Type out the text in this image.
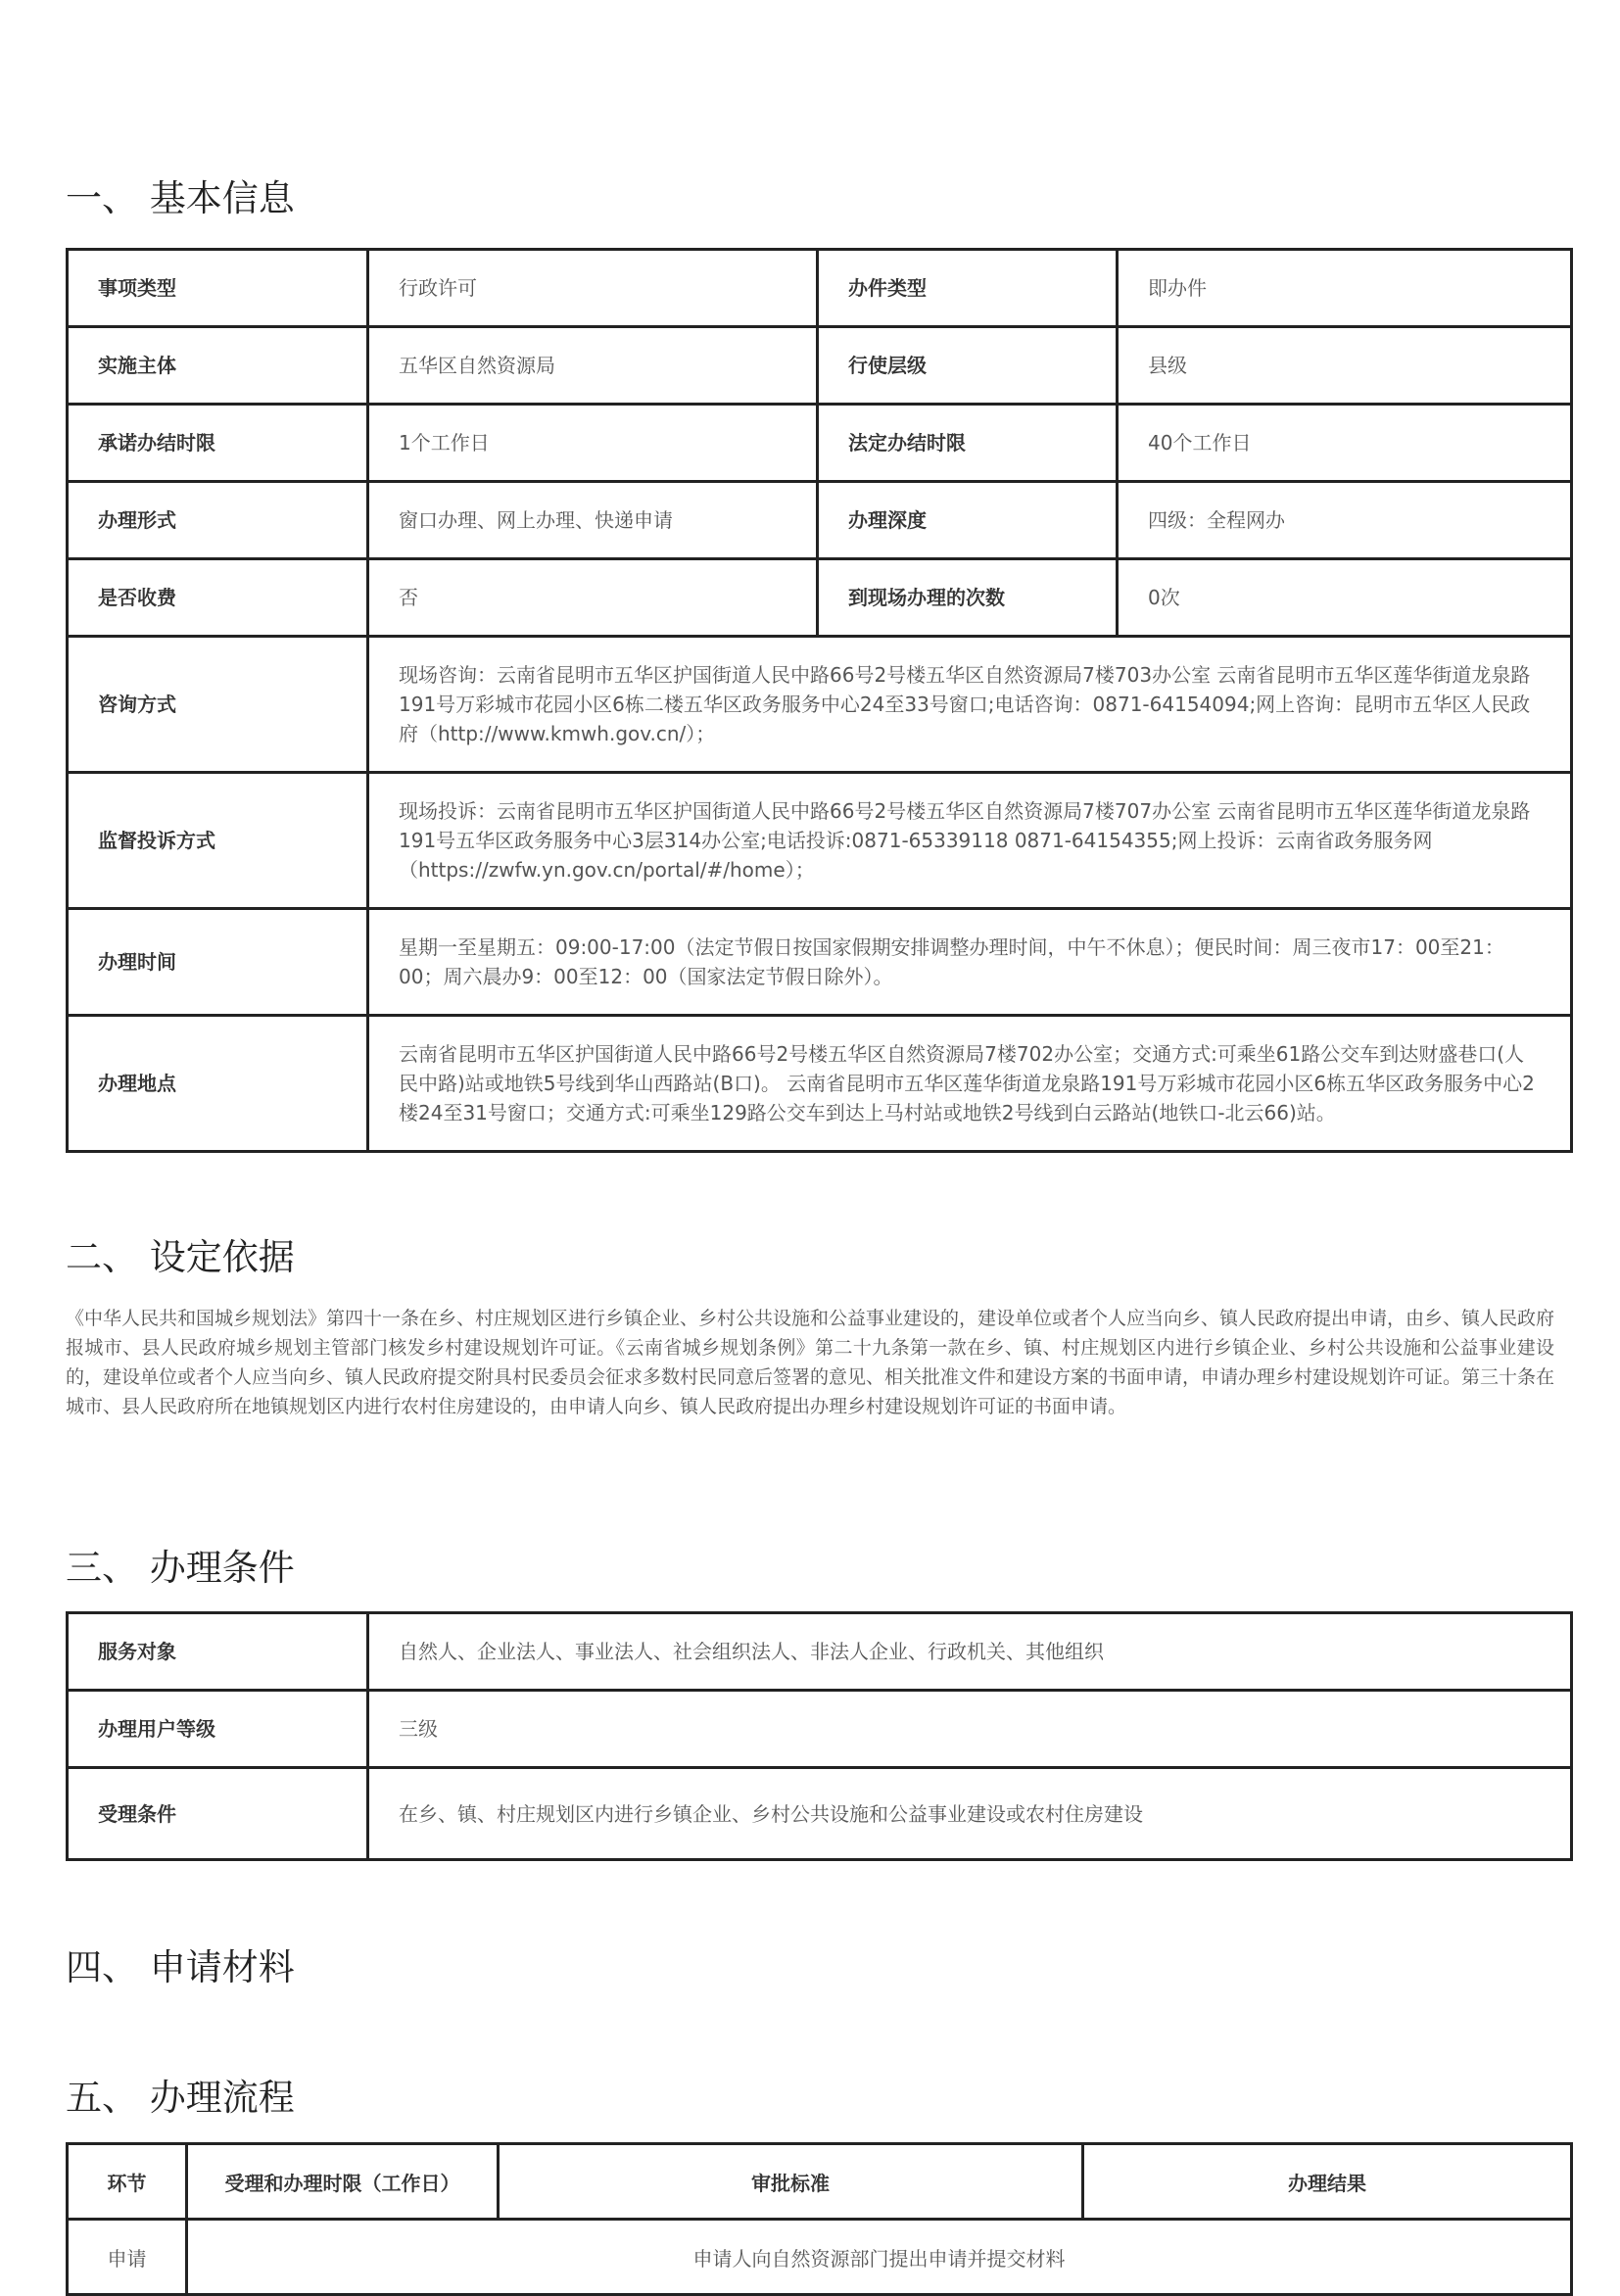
一、 基本信息
事项类型	行政许可	办件类型	即办件
实施主体	五华区自然资源局	行使层级	县级
承诺办结时限	1个工作日	法定办结时限	40个工作日
办理形式	窗口办理、网上办理、快递申请	办理深度	四级：全程网办
是否收费	否	到现场办理的次数	0次
咨询方式	现场咨询：云南省昆明市五华区护国街道人民中路66号2号楼五华区自然资源局7楼703办公室 云南省昆明市五华区莲华街道龙泉路191号万彩城市花园小区6栋二楼五华区政务服务中心24至33号窗口;电话咨询：0871-64154094;网上咨询：昆明市五华区人民政府（http://www.kmwh.gov.cn/）；		
监督投诉方式	现场投诉：云南省昆明市五华区护国街道人民中路66号2号楼五华区自然资源局7楼707办公室 云南省昆明市五华区莲华街道龙泉路191号五华区政务服务中心3层314办公室;电话投诉:0871-65339118 0871-64154355;网上投诉：云南省政务服务网（https://zwfw.yn.gov.cn/portal/#/home）；		
办理时间	星期一至星期五：09:00-17:00（法定节假日按国家假期安排调整办理时间，中午不休息）；便民时间：周三夜市17：00至21：00；周六晨办9：00至12：00（国家法定节假日除外）。		
办理地点	云南省昆明市五华区护国街道人民中路66号2号楼五华区自然资源局7楼702办公室；交通方式:可乘坐61路公交车到达财盛巷口(人民中路)站或地铁5号线到华山西路站(B口)。 云南省昆明市五华区莲华街道龙泉路191号万彩城市花园小区6栋五华区政务服务中心2楼24至31号窗口；交通方式:可乘坐129路公交车到达上马村站或地铁2号线到白云路站(地铁口-北云66)站。		
二、 设定依据
《中华人民共和国城乡规划法》第四十一条在乡、村庄规划区进行乡镇企业、乡村公共设施和公益事业建设的，建设单位或者个人应当向乡、镇人民政府提出申请，由乡、镇人民政府报城市、县人民政府城乡规划主管部门核发乡村建设规划许可证。《云南省城乡规划条例》第二十九条第一款在乡、镇、村庄规划区内进行乡镇企业、乡村公共设施和公益事业建设的，建设单位或者个人应当向乡、镇人民政府提交附具村民委员会征求多数村民同意后签署的意见、相关批准文件和建设方案的书面申请，申请办理乡村建设规划许可证。第三十条在城市、县人民政府所在地镇规划区内进行农村住房建设的，由申请人向乡、镇人民政府提出办理乡村建设规划许可证的书面申请。
三、 办理条件
服务对象	自然人、企业法人、事业法人、社会组织法人、非法人企业、行政机关、其他组织
办理用户等级	三级
受理条件	在乡、镇、村庄规划区内进行乡镇企业、乡村公共设施和公益事业建设或农村住房建设
四、 申请材料
五、 办理流程
环节	受理和办理时限（工作日）	审批标准	办理结果
申请	申请人向自然资源部门提出申请并提交材料		
